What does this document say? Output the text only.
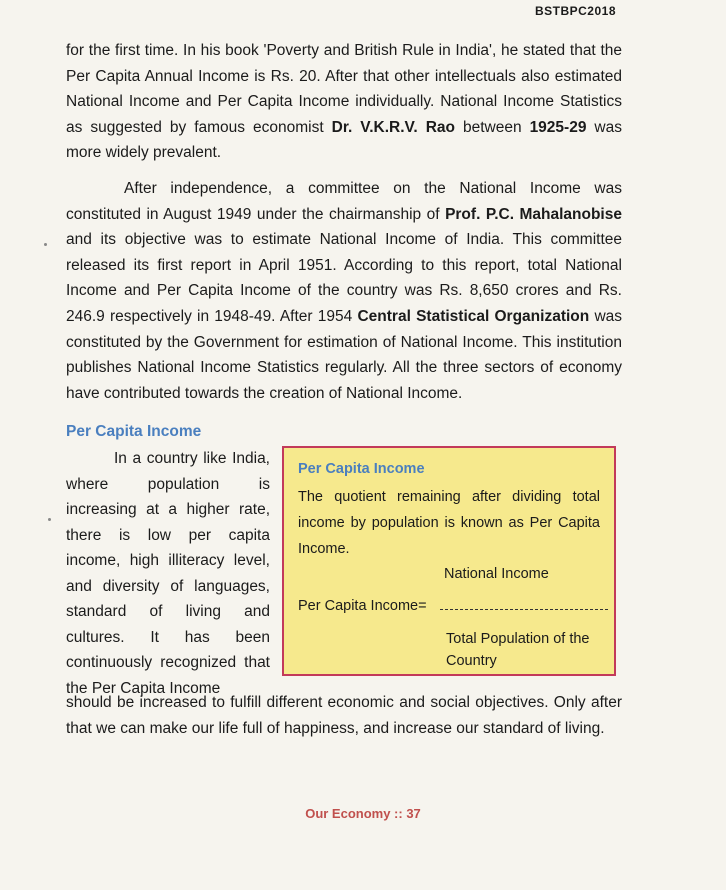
BSTBPC2018

for the first time. In his book 'Poverty and British Rule in India', he stated that the Per Capita Annual Income is Rs. 20. After that other intellectuals also estimated National Income and Per Capita Income individually. National Income Statistics as suggested by famous economist Dr. V.K.R.V. Rao between 1925-29 was more widely prevalent.

After independence, a committee on the National Income was constituted in August 1949 under the chairmanship of Prof. P.C. Mahalanobise and its objective was to estimate National Income of India. This committee released its first report in April 1951. According to this report, total National Income and Per Capita Income of the country was Rs. 8,650 crores and Rs. 246.9 respectively in 1948-49. After 1954 Central Statistical Organization was constituted by the Government for estimation of National Income. This institution publishes National Income Statistics regularly. All the three sectors of economy have contributed towards the creation of National Income.

Per Capita Income
In a country like India, where population is increasing at a higher rate, there is low per capita income, high illiteracy level, and diversity of languages, standard of living and cultures. It has been continuously recognized that the Per Capita Income
Per Capita Income
The quotient remaining after dividing total income by population is known as Per Capita Income.
National Income
Per Capita Income=
Total Population of the Country

should be increased to fulfill different economic and social objectives. Only after that we can make our life full of happiness, and increase our standard of living.

Our Economy :: 37
